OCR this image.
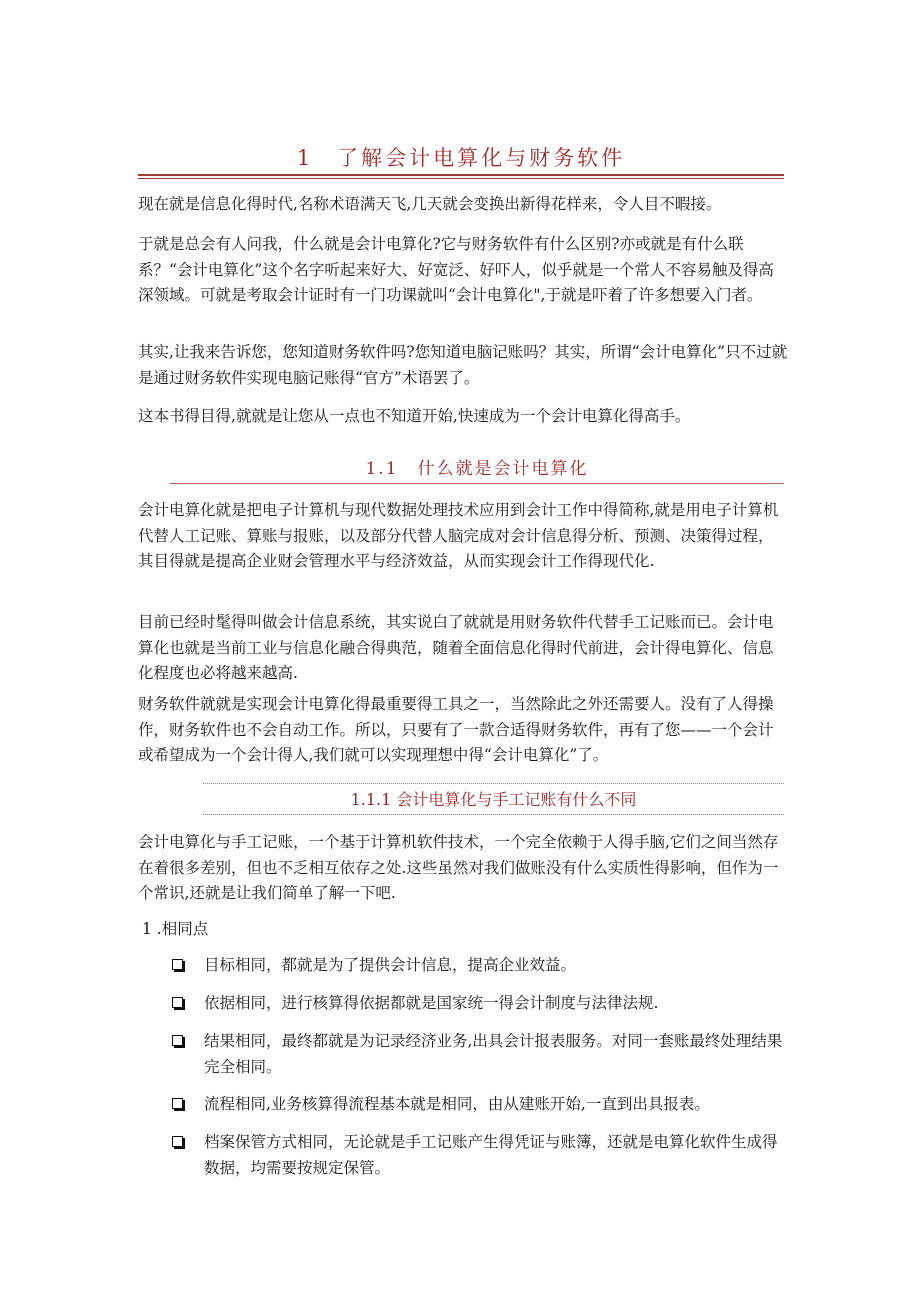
1　了解会计电算化与财务软件

现在就是信息化得时代,名称术语满天飞,几天就会变换出新得花样来，令人目不暇接。

于就是总会有人问我，什么就是会计电算化?它与财务软件有什么区别?亦或就是有什么联系？“会计电算化”这个名字听起来好大、好宽泛、好吓人，似乎就是一个常人不容易触及得高深领域。可就是考取会计证时有一门功课就叫“会计电算化",于就是吓着了许多想要入门者。

其实,让我来告诉您，您知道财务软件吗?您知道电脑记账吗？其实，所谓“会计电算化”只不过就是通过财务软件实现电脑记账得“官方”术语罢了。

这本书得目得,就就是让您从一点也不知道开始,快速成为一个会计电算化得高手。

1.1　什么就是会计电算化

会计电算化就是把电子计算机与现代数据处理技术应用到会计工作中得简称,就是用电子计算机代替人工记账、算账与报账，以及部分代替人脑完成对会计信息得分析、预测、决策得过程，其目得就是提高企业财会管理水平与经济效益，从而实现会计工作得现代化.

目前已经时髦得叫做会计信息系统，其实说白了就就是用财务软件代替手工记账而已。会计电算化也就是当前工业与信息化融合得典范，随着全面信息化得时代前进，会计得电算化、信息化程度也必将越来越高.

财务软件就就是实现会计电算化得最重要得工具之一，当然除此之外还需要人。没有了人得操作，财务软件也不会自动工作。所以，只要有了一款合适得财务软件，再有了您——一个会计或希望成为一个会计得人,我们就可以实现理想中得“会计电算化”了。

1.1.1 会计电算化与手工记账有什么不同

会计电算化与手工记账，一个基于计算机软件技术，一个完全依赖于人得手脑,它们之间当然存在着很多差别，但也不乏相互依存之处.这些虽然对我们做账没有什么实质性得影响，但作为一个常识,还就是让我们简单了解一下吧.

1 .相同点
目标相同，都就是为了提供会计信息，提高企业效益。
依据相同，进行核算得依据都就是国家统一得会计制度与法律法规.
结果相同，最终都就是为记录经济业务,出具会计报表服务。对同一套账最终处理结果完全相同。
流程相同,业务核算得流程基本就是相同，由从建账开始,一直到出具报表。
档案保管方式相同，无论就是手工记账产生得凭证与账簿，还就是电算化软件生成得数据，均需要按规定保管。
